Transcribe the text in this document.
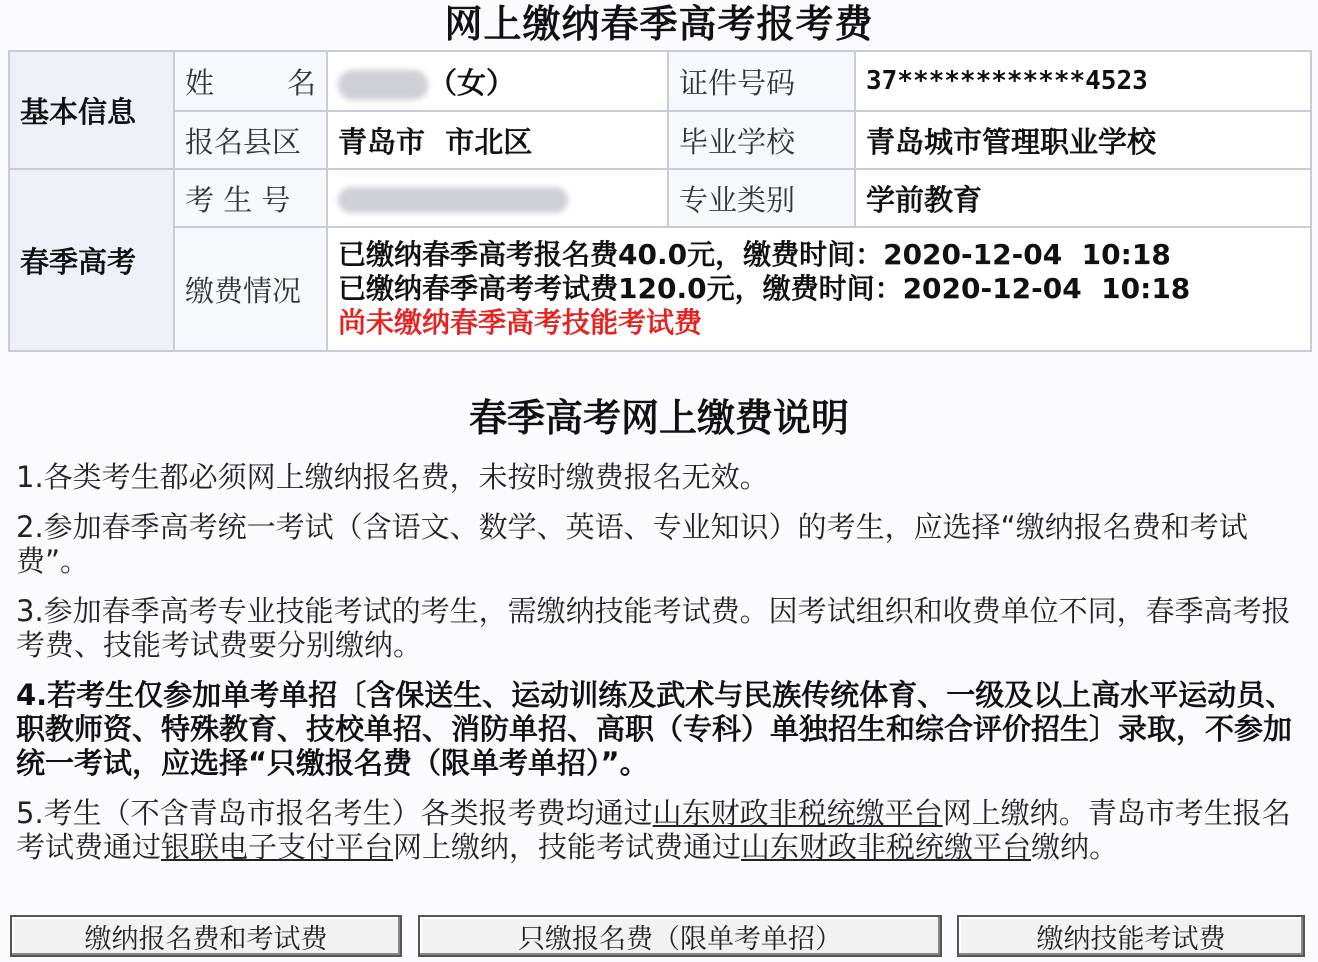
网上缴纳春季高考报考费
基本信息	姓 名	（女）	证件号码	37************4523
	报名县区	青岛市  市北区	毕业学校	青岛城市管理职业学校
春季高考	考 生 号		专业类别	学前教育
	缴费情况	已缴纳春季高考报名费40.0元，缴费时间：2020-12-04  10:18
已缴纳春季高考考试费120.0元，缴费时间：2020-12-04  10:18
尚未缴纳春季高考技能考试费		
春季高考网上缴费说明
1.各类考生都必须网上缴纳报名费，未按时缴费报名无效。
2.参加春季高考统一考试（含语文、数学、英语、专业知识）的考生，应选择“缴纳报名费和考试费”。
3.参加春季高考专业技能考试的考生，需缴纳技能考试费。因考试组织和收费单位不同，春季高考报考费、技能考试费要分别缴纳。
4.若考生仅参加单考单招〔含保送生、运动训练及武术与民族传统体育、一级及以上高水平运动员、职教师资、特殊教育、技校单招、消防单招、高职（专科）单独招生和综合评价招生〕录取，不参加统一考试，应选择“只缴报名费（限单考单招）”。
5.考生（不含青岛市报名考生）各类报考费均通过山东财政非税统缴平台网上缴纳。青岛市考生报名考试费通过银联电子支付平台网上缴纳，技能考试费通过山东财政非税统缴平台缴纳。
缴纳报名费和考试费	只缴报名费（限单考单招）	缴纳技能考试费
